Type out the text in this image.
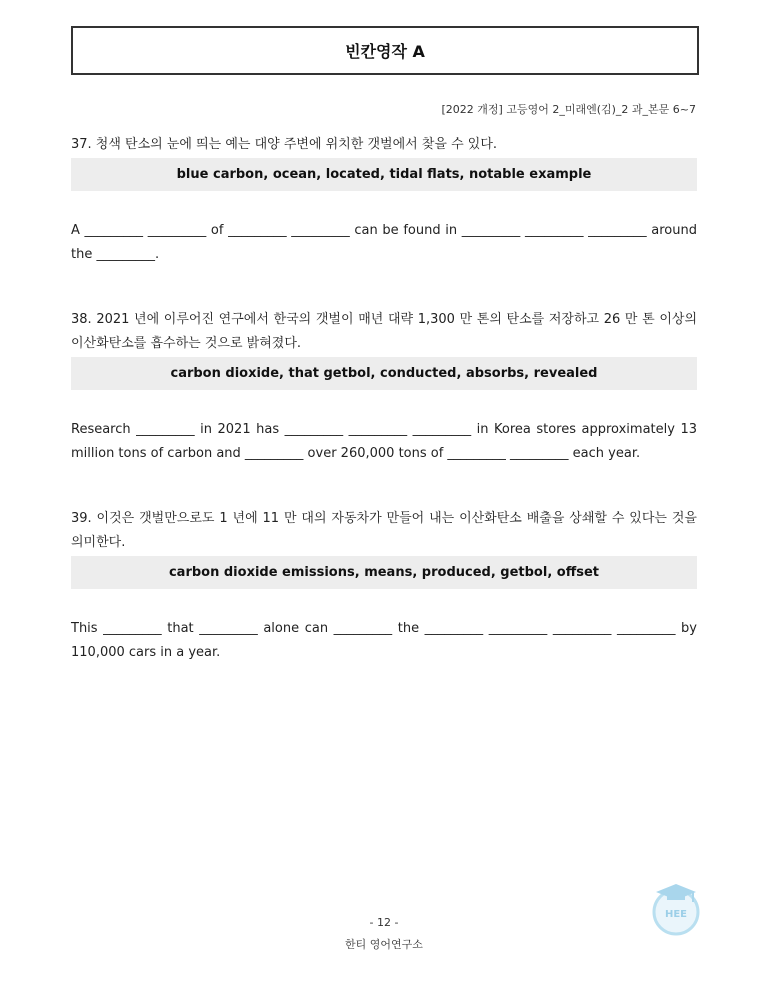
빈칸영작 A
[2022 개정] 고등영어 2_미래엔(김)_2 과_본문 6~7
37. 청색 탄소의 눈에 띄는 예는 대양 주변에 위치한 갯벌에서 찾을 수 있다.
blue carbon, ocean, located, tidal flats, notable example
A _________ _________ of _________ _________ can be found in _________ _________ _________ around the _________.
38. 2021 년에 이루어진 연구에서 한국의 갯벌이 매년 대략 1,300 만 톤의 탄소를 저장하고 26 만 톤 이상의 이산화탄소를 흡수하는 것으로 밝혀졌다.
carbon dioxide, that getbol, conducted, absorbs, revealed
Research _________ in 2021 has _________ _________ _________ in Korea stores approximately 13 million tons of carbon and _________ over 260,000 tons of _________ _________ each year.
39. 이것은 갯벌만으로도 1 년에 11 만 대의 자동차가 만들어 내는 이산화탄소 배출을 상쇄할 수 있다는 것을 의미한다.
carbon dioxide emissions, means, produced, getbol, offset
This _________ that _________ alone can _________ the _________ _________ _________ _________ by 110,000 cars in a year.
- 12 -
한티 영어연구소
HEE
